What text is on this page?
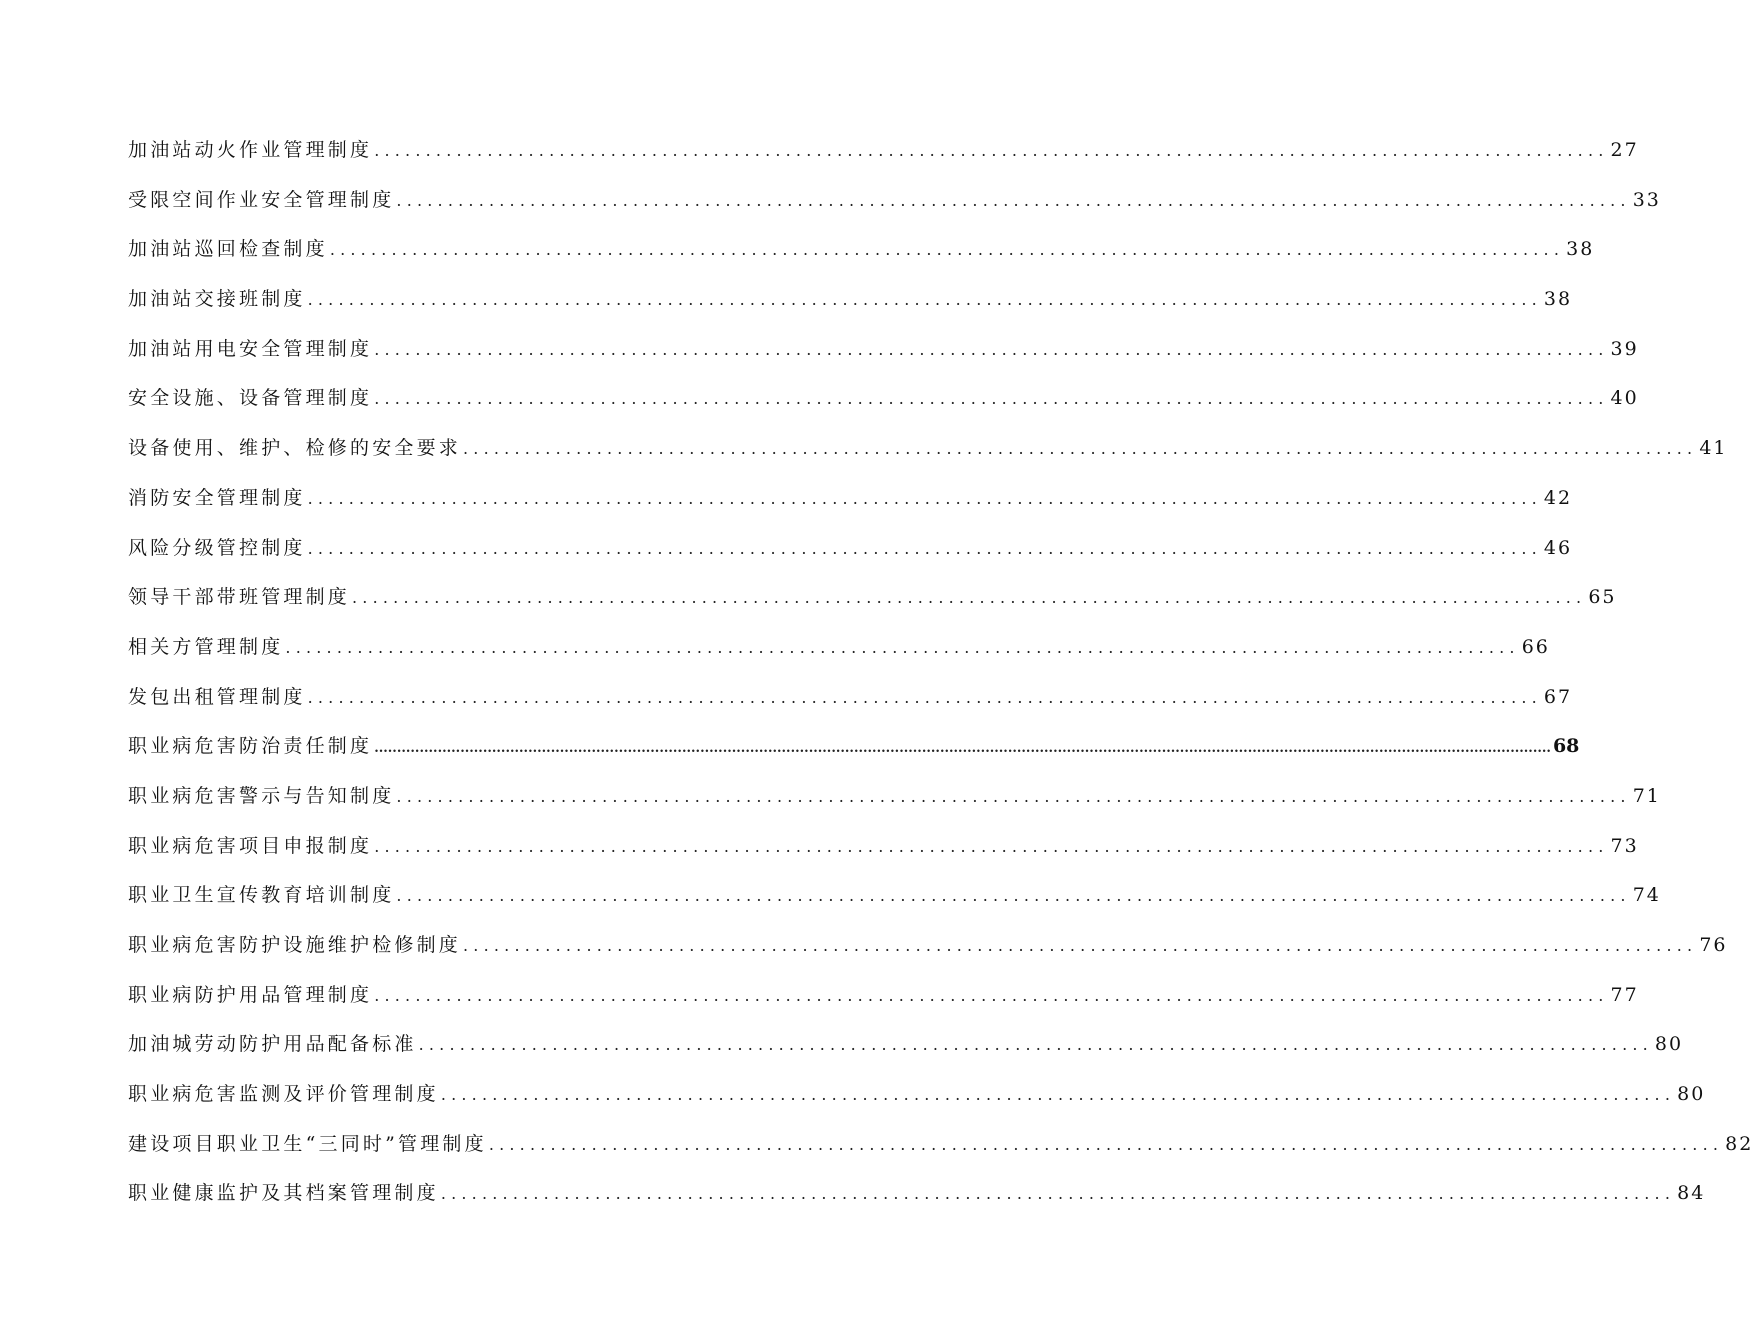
加油站动火作业管理制度 ........................................................................................................................ 27
受限空间作业安全管理制度 ........................................................................................................................ 33
加油站巡回检查制度 ........................................................................................................................ 38
加油站交接班制度 ........................................................................................................................ 38
加油站用电安全管理制度 ........................................................................................................................ 39
安全设施、设备管理制度 ........................................................................................................................ 40
设备使用、维护、检修的安全要求 ........................................................................................................................ 41
消防安全管理制度 ........................................................................................................................ 42
风险分级管控制度 ........................................................................................................................ 46
领导干部带班管理制度 ........................................................................................................................ 65
相关方管理制度 ........................................................................................................................ 66
发包出租管理制度 ........................................................................................................................ 67
职业病危害防治责任制度 .................................................................................................................................................................................................................................................................... 68
职业病危害警示与告知制度 ........................................................................................................................ 71
职业病危害项目申报制度 ........................................................................................................................ 73
职业卫生宣传教育培训制度 ........................................................................................................................ 74
职业病危害防护设施维护检修制度 ........................................................................................................................ 76
职业病防护用品管理制度 ........................................................................................................................ 77
加油城劳动防护用品配备标准 ........................................................................................................................ 80
职业病危害监测及评价管理制度 ........................................................................................................................ 80
建设项目职业卫生“三同时”管理制度 ........................................................................................................................ 82
职业健康监护及其档案管理制度 ........................................................................................................................ 84
